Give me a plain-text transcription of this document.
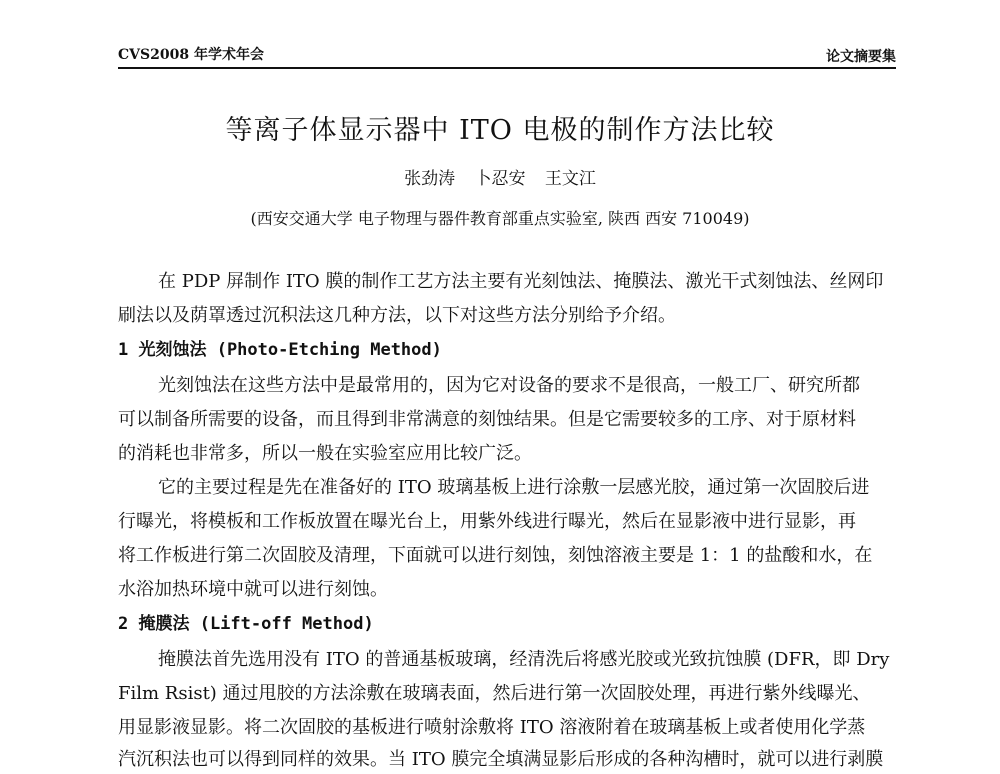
CVS2008 年学术年会	论文摘要集
等离子体显示器中 ITO 电极的制作方法比较
张劲涛 卜忍安 王文江
(西安交通大学 电子物理与器件教育部重点实验室, 陕西 西安 710049)
在 PDP 屏制作 ITO 膜的制作工艺方法主要有光刻蚀法、掩膜法、激光干式刻蚀法、丝网印
刷法以及荫罩透过沉积法这几种方法，以下对这些方法分别给予介绍。
1 光刻蚀法 (Photo-Etching Method)
光刻蚀法在这些方法中是最常用的，因为它对设备的要求不是很高，一般工厂、研究所都
可以制备所需要的设备，而且得到非常满意的刻蚀结果。但是它需要较多的工序、对于原材料
的消耗也非常多，所以一般在实验室应用比较广泛。
它的主要过程是先在准备好的 ITO 玻璃基板上进行涂敷一层感光胶，通过第一次固胶后进
行曝光，将模板和工作板放置在曝光台上，用紫外线进行曝光，然后在显影液中进行显影，再
将工作板进行第二次固胶及清理，下面就可以进行刻蚀，刻蚀溶液主要是 1：1 的盐酸和水，在
水浴加热环境中就可以进行刻蚀。
2 掩膜法 (Lift-off Method)
掩膜法首先选用没有 ITO 的普通基板玻璃，经清洗后将感光胶或光致抗蚀膜 (DFR，即 Dry
Film Rsist) 通过甩胶的方法涂敷在玻璃表面，然后进行第一次固胶处理，再进行紫外线曝光、
用显影液显影。将二次固胶的基板进行喷射涂敷将 ITO 溶液附着在玻璃基板上或者使用化学蒸
汽沉积法也可以得到同样的效果。当 ITO 膜完全填满显影后形成的各种沟槽时，就可以进行剥膜
